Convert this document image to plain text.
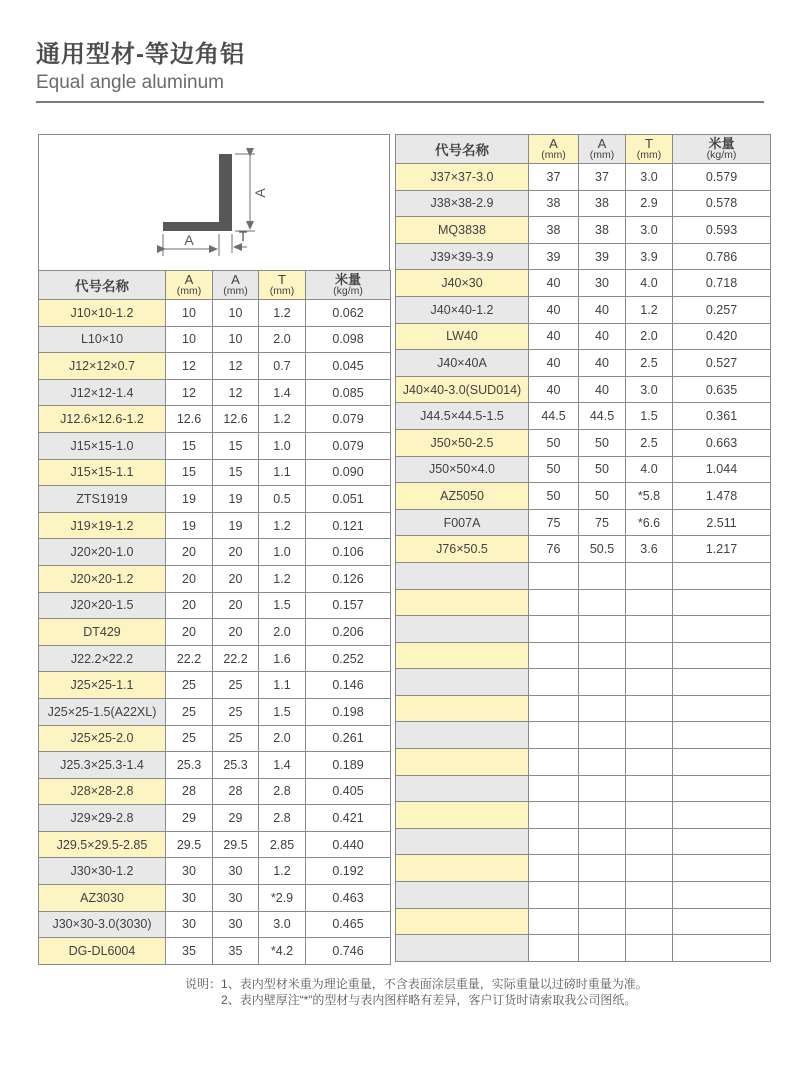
通用型材-等边角铝
Equal angle aluminum
A
A	T
代号名称	A
(mm)	A
(mm)	T
(mm)	米量
(kg/m)

J10×10-1.2	10	10	1.2	0.062
L10×10	10	10	2.0	0.098
J12×12×0.7	12	12	0.7	0.045
J12×12-1.4	12	12	1.4	0.085
J12.6×12.6-1.2	12.6	12.6	1.2	0.079
J15×15-1.0	15	15	1.0	0.079
J15×15-1.1	15	15	1.1	0.090
ZTS1919	19	19	0.5	0.051
J19×19-1.2	19	19	1.2	0.121
J20×20-1.0	20	20	1.0	0.106
J20×20-1.2	20	20	1.2	0.126
J20×20-1.5	20	20	1.5	0.157
DT429	20	20	2.0	0.206
J22.2×22.2	22.2	22.2	1.6	0.252
J25×25-1.1	25	25	1.1	0.146
J25×25-1.5(A22XL)	25	25	1.5	0.198
J25×25-2.0	25	25	2.0	0.261
J25.3×25.3-1.4	25.3	25.3	1.4	0.189
J28×28-2.8	28	28	2.8	0.405
J29×29-2.8	29	29	2.8	0.421
J29.5×29.5-2.85	29.5	29.5	2.85	0.440
J30×30-1.2	30	30	1.2	0.192
AZ3030	30	30	*2.9	0.463
J30×30-3.0(3030)	30	30	3.0	0.465
DG-DL6004	35	35	*4.2	0.746
代号名称	A
(mm)	A
(mm)	T
(mm)	米量
(kg/m)

J37×37-3.0	37	37	3.0	0.579
J38×38-2.9	38	38	2.9	0.578
MQ3838	38	38	3.0	0.593
J39×39-3.9	39	39	3.9	0.786
J40×30	40	30	4.0	0.718
J40×40-1.2	40	40	1.2	0.257
LW40	40	40	2.0	0.420
J40×40A	40	40	2.5	0.527
J40×40-3.0(SUD014)	40	40	3.0	0.635
J44.5×44.5-1.5	44.5	44.5	1.5	0.361
J50×50-2.5	50	50	2.5	0.663
J50×50×4.0	50	50	4.0	1.044
AZ5050	50	50	*5.8	1.478
F007A	75	75	*6.6	2.511
J76×50.5	76	50.5	3.6	1.217

说明： 1、表内型材米重为理论重量，不含表面涂层重量，实际重量以过磅时重量为准。
2、表内壁厚注“*”的型材与表内图样略有差异，客户订货时请索取我公司图纸。
